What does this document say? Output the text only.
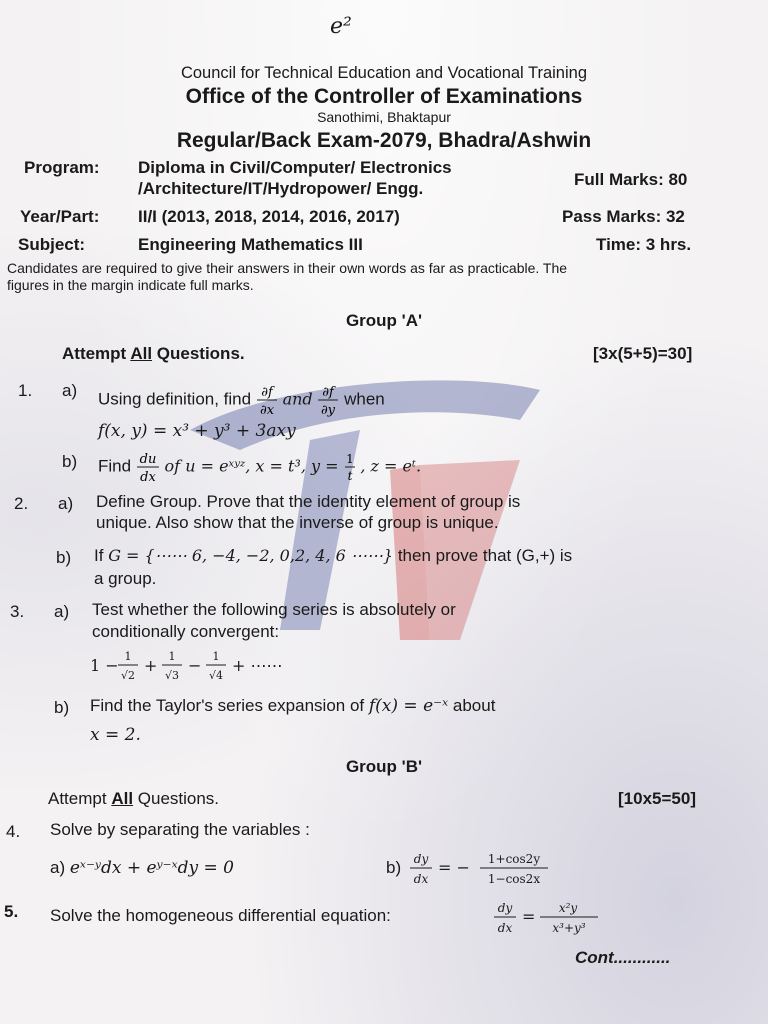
e²
Council for Technical Education and Vocational Training
Office of the Controller of Examinations
Sanothimi, Bhaktapur
Regular/Back Exam-2079, Bhadra/Ashwin
Program: Diploma in Civil/Computer/ Electronics
/Architecture/IT/Hydropower/ Engg.	Full Marks: 80
Year/Part: II/I (2013, 2018, 2014, 2016, 2017)	Pass Marks: 32
Subject:	Engineering Mathematics III	Time: 3 hrs.
Candidates are required to give their answers in their own words as far as practicable. The
figures in the margin indicate full marks.
Group 'A'
Attempt All Questions.	[3x(5+5)=30]
1. a) Using definition, find ∂f
∂x
and ∂f
∂y
when
f(x, y) = x³ + y³ + 3axy
b) Find du
dx
of u = eˣʸᶻ, x = t³, y = 1
t
, z = eᵗ.
2. a) Define Group. Prove that the identity element of group is
unique. Also show that the inverse of group is unique.
b) If G = {⋯⋯ 6, −4, −2, 0,2, 4, 6 ⋯⋯} then prove that (G,+) is
a group.
3. a) Test whether the following series is absolutely or
conditionally convergent:
1 − 1
√2
+ 1
√3
− 1
√4
+ ⋯⋯
b) Find the Taylor's series expansion of f(x) = e⁻ˣ about
x = 2.
Group 'B'
Attempt All Questions.	[10x5=50]
4. Solve by separating the variables :
a) eˣ⁻ʸdx + eʸ⁻ˣdy = 0	b) dy
dx
= − 1+cos2y
1−cos2x
5. Solve the homogeneous differential equation:	dy
dx
= x²y
x³+y³
Cont............
